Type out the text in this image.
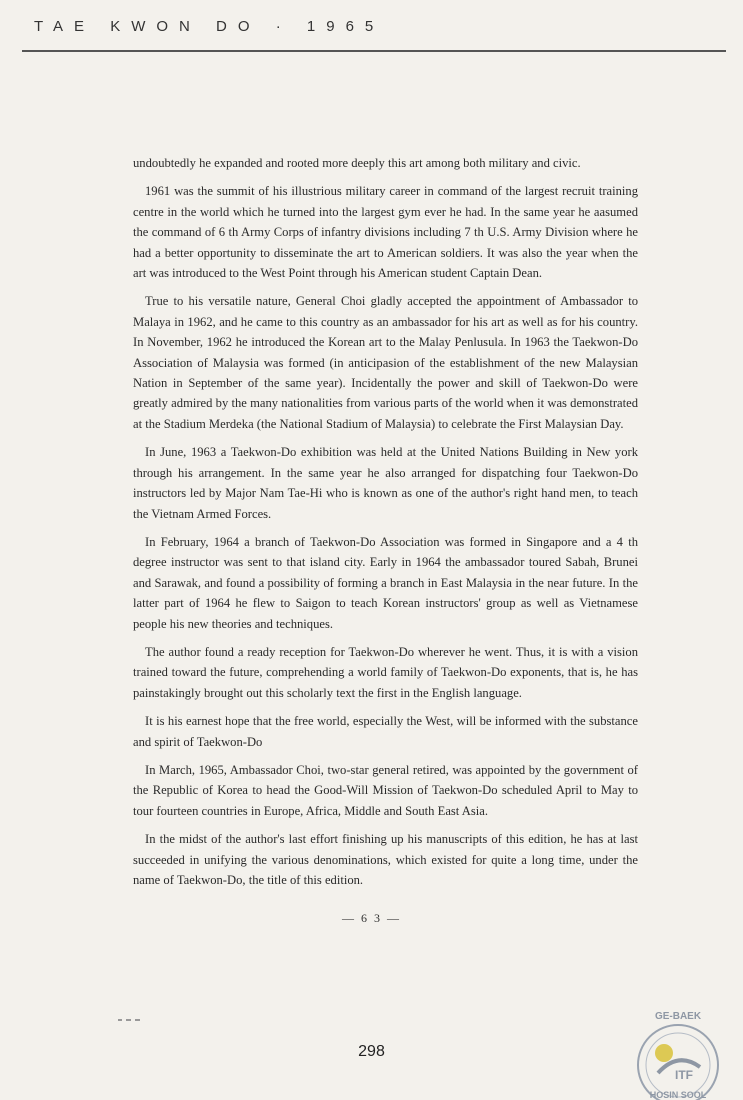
TAE KWON DO · 1965

undoubtedly he expanded and rooted more deeply this art among both military and civic.

1961 was the summit of his illustrious military career in command of the largest recruit training centre in the world which he turned into the largest gym ever he had. In the same year he aasumed the command of 6 th Army Corps of infantry divisions including 7 th U.S. Army Division where he had a better opportunity to disseminate the art to American soldiers. It was also the year when the art was introduced to the West Point through his American student Captain Dean.

True to his versatile nature, General Choi gladly accepted the appointment of Ambassador to Malaya in 1962, and he came to this country as an ambassador for his art as well as for his country. In November, 1962 he introduced the Korean art to the Malay Penlusula. In 1963 the Taekwon-Do Association of Malaysia was formed (in anticipasion of the establishment of the new Malaysian Nation in September of the same year). Incidentally the power and skill of Taekwon-Do were greatly admired by the many nationalities from various parts of the world when it was demonstrated at the Stadium Merdeka (the National Stadium of Malaysia) to celebrate the First Malaysian Day.

In June, 1963 a Taekwon-Do exhibition was held at the United Nations Building in New york through his arrangement. In the same year he also arranged for dispatching four Taekwon-Do instructors led by Major Nam Tae-Hi who is known as one of the author's right hand men, to teach the Vietnam Armed Forces.

In February, 1964 a branch of Taekwon-Do Association was formed in Singapore and a 4 th degree instructor was sent to that island city. Early in 1964 the ambassador toured Sabah, Brunei and Sarawak, and found a possibility of forming a branch in East Malaysia in the near future. In the latter part of 1964 he flew to Saigon to teach Korean instructors' group as well as Vietnamese people his new theories and techniques.

The author found a ready reception for Taekwon-Do wherever he went. Thus, it is with a vision trained toward the future, comprehending a world family of Taekwon-Do exponents, that is, he has painstakingly brought out this scholarly text the first in the English language.

It is his earnest hope that the free world, especially the West, will be informed with the substance and spirit of Taekwon-Do

In March, 1965, Ambassador Choi, two-star general retired, was appointed by the government of the Republic of Korea to head the Good-Will Mission of Taekwon-Do scheduled April to May to tour fourteen countries in Europe, Africa, Middle and South East Asia.

In the midst of the author's last effort finishing up his manuscripts of this edition, he has at last succeeded in unifying the various denominations, which existed for quite a long time, under the name of Taekwon-Do, the title of this edition.

— 6 3 —
298
GE-BAEK
ITF
HOSIN SOOL
